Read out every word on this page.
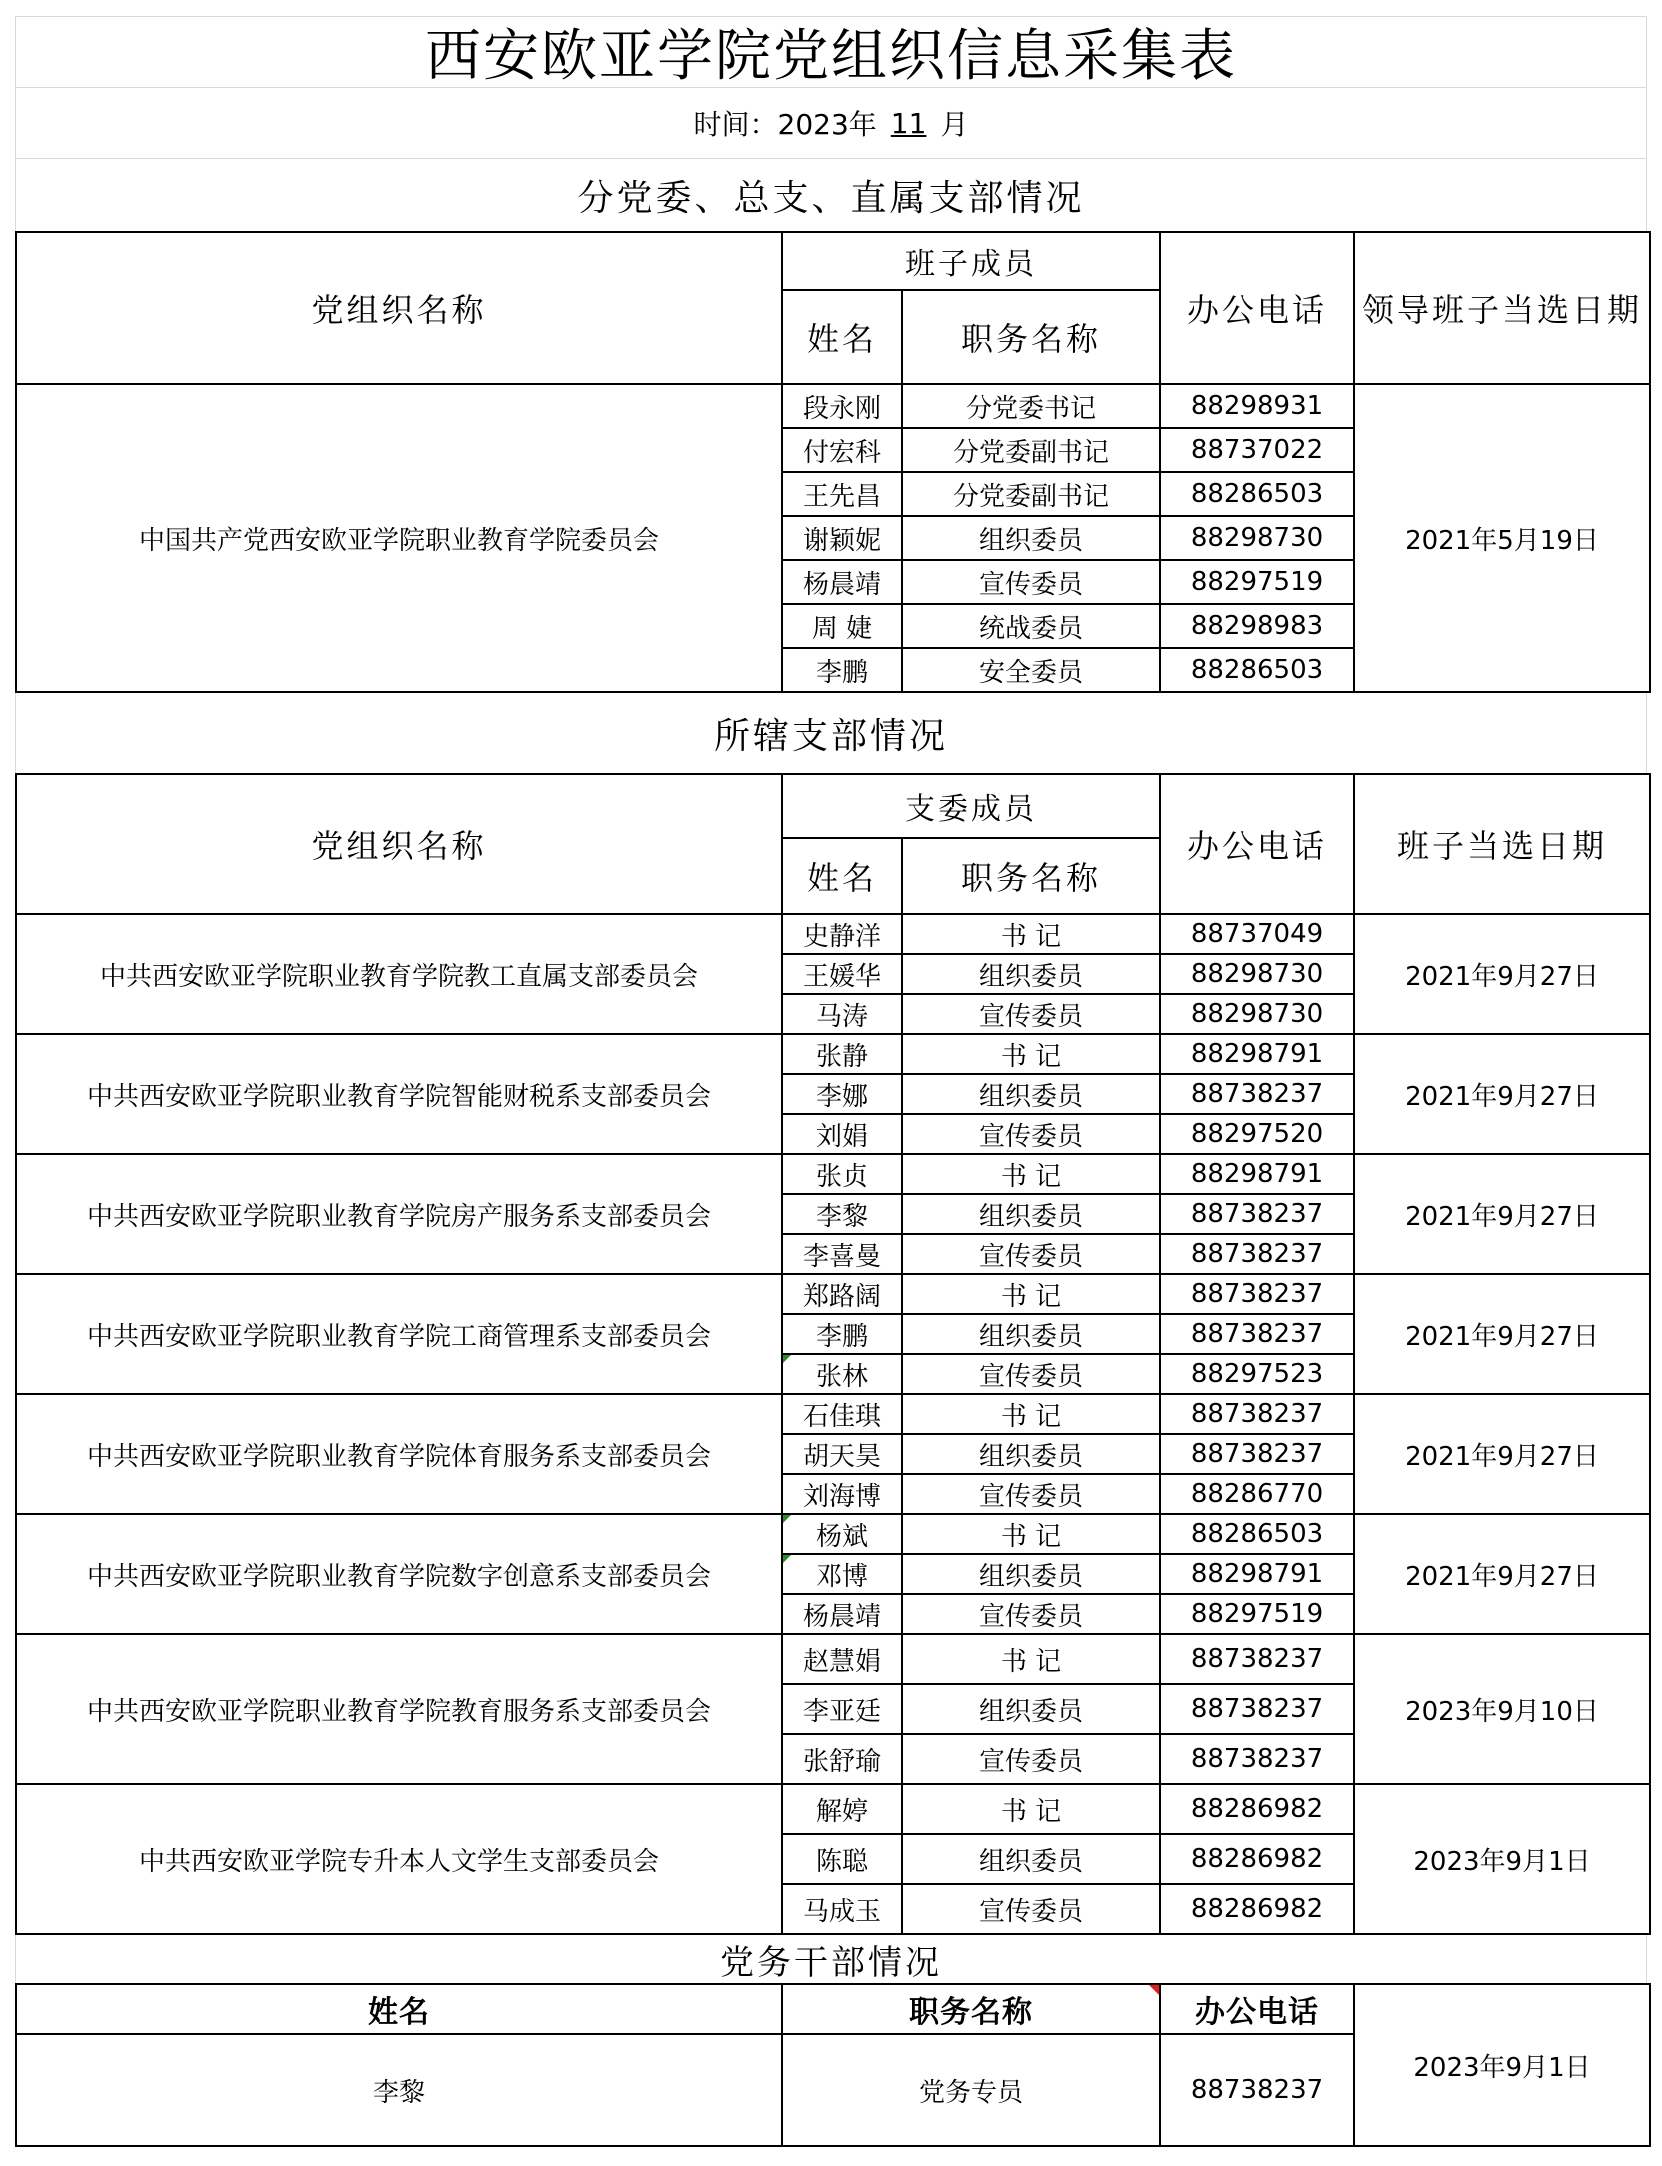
西安欧亚学院党组织信息采集表
时间：2023年 11 月
分党委、总支、直属支部情况
党组织名称	班子成员		办公电话	领导班子当选日期
	姓名	职务名称		
中国共产党西安欧亚学院职业教育学院委员会	段永刚	分党委书记	88298931	2021年5月19日
	付宏科	分党委副书记	88737022	
	王先昌	分党委副书记	88286503	
	谢颖妮	组织委员	88298730	
	杨晨靖	宣传委员	88297519	
	周 婕	统战委员	88298983	
	李鹏	安全委员	88286503	
所辖支部情况
党组织名称	支委成员		办公电话	班子当选日期
	姓名	职务名称		
中共西安欧亚学院职业教育学院教工直属支部委员会	史静洋	书 记	88737049	2021年9月27日
	王媛华	组织委员	88298730	
	马涛	宣传委员	88298730	
中共西安欧亚学院职业教育学院智能财税系支部委员会	张静	书 记	88298791	2021年9月27日
	李娜	组织委员	88738237	
	刘娟	宣传委员	88297520	
中共西安欧亚学院职业教育学院房产服务系支部委员会	张贞	书 记	88298791	2021年9月27日
	李黎	组织委员	88738237	
	李喜曼	宣传委员	88738237	
中共西安欧亚学院职业教育学院工商管理系支部委员会	郑路阔	书 记	88738237	2021年9月27日
	李鹏	组织委员	88738237	
	张林	宣传委员	88297523	
中共西安欧亚学院职业教育学院体育服务系支部委员会	石佳琪	书 记	88738237	2021年9月27日
	胡天昊	组织委员	88738237	
	刘海博	宣传委员	88286770	
中共西安欧亚学院职业教育学院数字创意系支部委员会	杨斌	书 记	88286503	2021年9月27日
	邓博	组织委员	88298791	
	杨晨靖	宣传委员	88297519	
中共西安欧亚学院职业教育学院教育服务系支部委员会	赵慧娟	书 记	88738237	2023年9月10日
	李亚廷	组织委员	88738237	
	张舒瑜	宣传委员	88738237	
中共西安欧亚学院专升本人文学生支部委员会	解婷	书 记	88286982	2023年9月1日
	陈聪	组织委员	88286982	
	马成玉	宣传委员	88286982	
党务干部情况
姓名	职务名称	办公电话	2023年9月1日
李黎	党务专员	88738237	
